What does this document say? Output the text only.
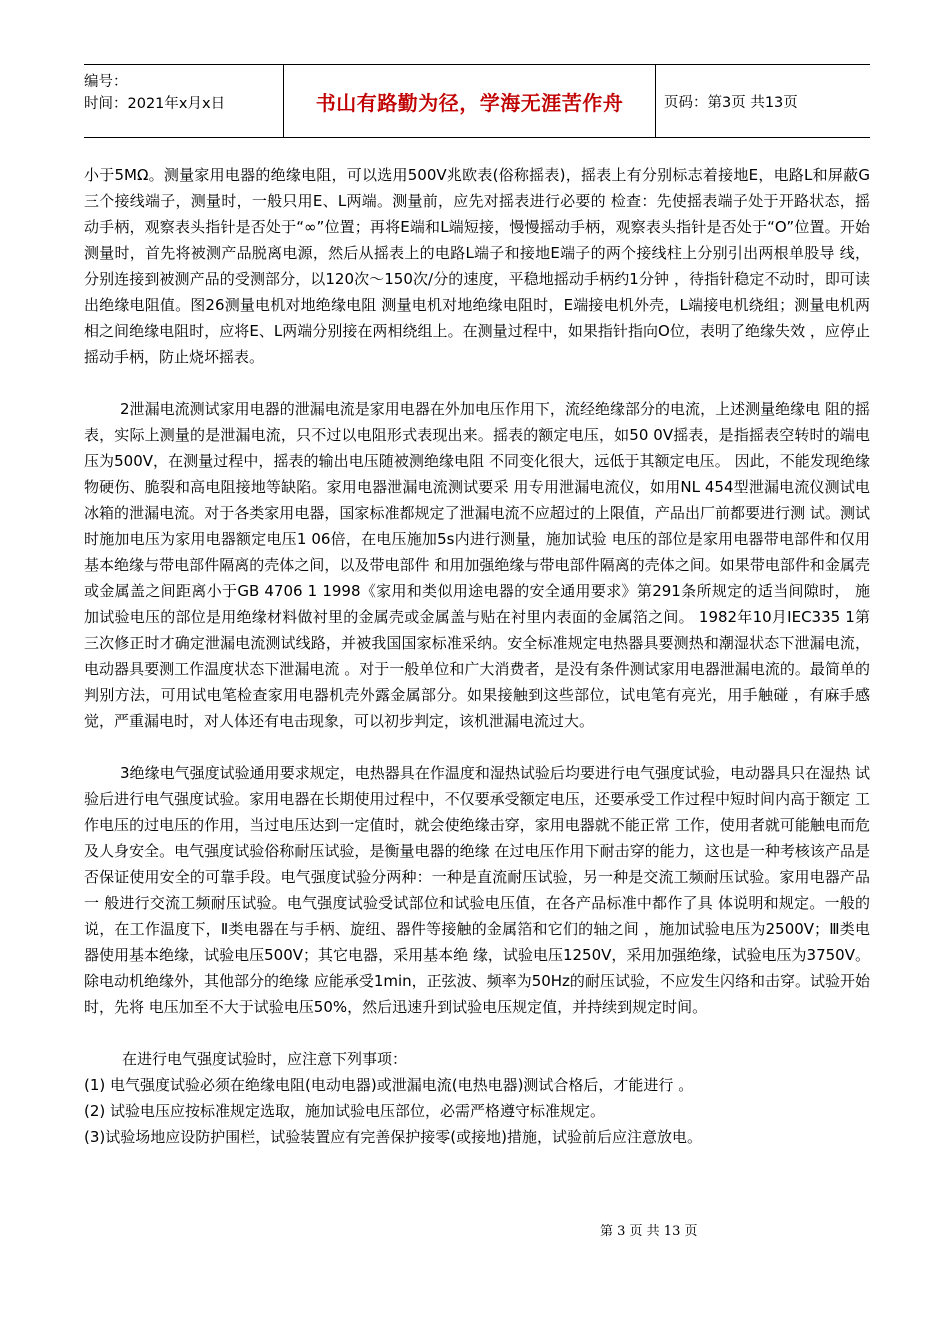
编号：
时间：2021年x月x日	书山有路勤为径，学海无涯苦作舟	页码：第3页 共13页

小于5MΩ。测量家用电器的绝缘电阻，可以选用500V兆欧表(俗称摇表)，摇表上有分别标志着接地E，电路L和屏蔽G三个接线端子，测量时，一般只用E、L两端。测量前，应先对摇表进行必要的 检查：先使摇表端子处于开路状态，摇动手柄，观察表头指针是否处于“∞”位置；再将E端和L端短接，慢慢摇动手柄，观察表头指针是否处于“O”位置。开始测量时，首先将被测产品脱离电源，然后从摇表上的电路L端子和接地E端子的两个接线柱上分别引出两根单股导 线，分别连接到被测产品的受测部分，以120次～150次/分的速度，平稳地摇动手柄约1分钟 ，待指针稳定不动时，即可读出绝缘电阻值。图26测量电机对地绝缘电阻 测量电机对地绝缘电阻时，E端接电机外壳，L端接电机绕组；测量电机两相之间绝缘电阻时，应将E、L两端分别接在两相绕组上。在测量过程中，如果指针指向O位，表明了绝缘失效 ，应停止摇动手柄，防止烧坏摇表。

2泄漏电流测试家用电器的泄漏电流是家用电器在外加电压作用下，流经绝缘部分的电流，上述测量绝缘电 阻的摇表，实际上测量的是泄漏电流，只不过以电阻形式表现出来。摇表的额定电压，如50 0V摇表，是指摇表空转时的端电压为500V，在测量过程中，摇表的输出电压随被测绝缘电阻 不同变化很大，远低于其额定电压。 因此，不能发现绝缘物硬伤、脆裂和高电阻接地等缺陷。家用电器泄漏电流测试要采 用专用泄漏电流仪，如用NL 454型泄漏电流仪测试电冰箱的泄漏电流。对于各类家用电器，国家标准都规定了泄漏电流不应超过的上限值，产品出厂前都要进行测 试。测试时施加电压为家用电器额定电压1 06倍，在电压施加5s内进行测量，施加试验 电压的部位是家用电器带电部件和仅用基本绝缘与带电部件隔离的壳体之间，以及带电部件 和用加强绝缘与带电部件隔离的壳体之间。如果带电部件和金属壳或金属盖之间距离小于GB 4706 1 1998《家用和类似用途电器的安全通用要求》第291条所规定的适当间隙时， 施 加试验电压的部位是用绝缘材料做衬里的金属壳或金属盖与贴在衬里内表面的金属箔之间。 1982年10月IEC335 1第三次修正时才确定泄漏电流测试线路，并被我国国家标准采纳。安全标准规定电热器具要测热和潮湿状态下泄漏电流，电动器具要测工作温度状态下泄漏电流 。对于一般单位和广大消费者，是没有条件测试家用电器泄漏电流的。最简单的判别方法，可用试电笔检查家用电器机壳外露金属部分。如果接触到这些部位，试电笔有亮光，用手触碰 ，有麻手感觉，严重漏电时，对人体还有电击现象，可以初步判定，该机泄漏电流过大。

3绝缘电气强度试验通用要求规定，电热器具在作温度和湿热试验后均要进行电气强度试验，电动器具只在湿热 试验后进行电气强度试验。家用电器在长期使用过程中，不仅要承受额定电压，还要承受工作过程中短时间内高于额定 工作电压的过电压的作用，当过电压达到一定值时，就会使绝缘击穿，家用电器就不能正常 工作，使用者就可能触电而危及人身安全。电气强度试验俗称耐压试验，是衡量电器的绝缘 在过电压作用下耐击穿的能力，这也是一种考核该产品是否保证使用安全的可靠手段。电气强度试验分两种：一种是直流耐压试验，另一种是交流工频耐压试验。家用电器产品一 般进行交流工频耐压试验。电气强度试验受试部位和试验电压值，在各产品标准中都作了具 体说明和规定。一般的说，在工作温度下，Ⅱ类电器在与手柄、旋纽、器件等接触的金属箔和它们的轴之间 ，施加试验电压为2500V；Ⅲ类电器使用基本绝缘，试验电压500V；其它电器，采用基本绝 缘，试验电压1250V，采用加强绝缘，试验电压为3750V。除电动机绝缘外，其他部分的绝缘 应能承受1min，正弦波、频率为50Hz的耐压试验，不应发生闪络和击穿。试验开始时，先将 电压加至不大于试验电压50%，然后迅速升到试验电压规定值，并持续到规定时间。

在进行电气强度试验时，应注意下列事项：

(1) 电气强度试验必须在绝缘电阻(电动电器)或泄漏电流(电热电器)测试合格后，才能进行 。

(2) 试验电压应按标准规定选取，施加试验电压部位，必需严格遵守标准规定。

(3)试验场地应设防护围栏，试验装置应有完善保护接零(或接地)措施，试验前后应注意放电。

第 3 页 共 13 页
